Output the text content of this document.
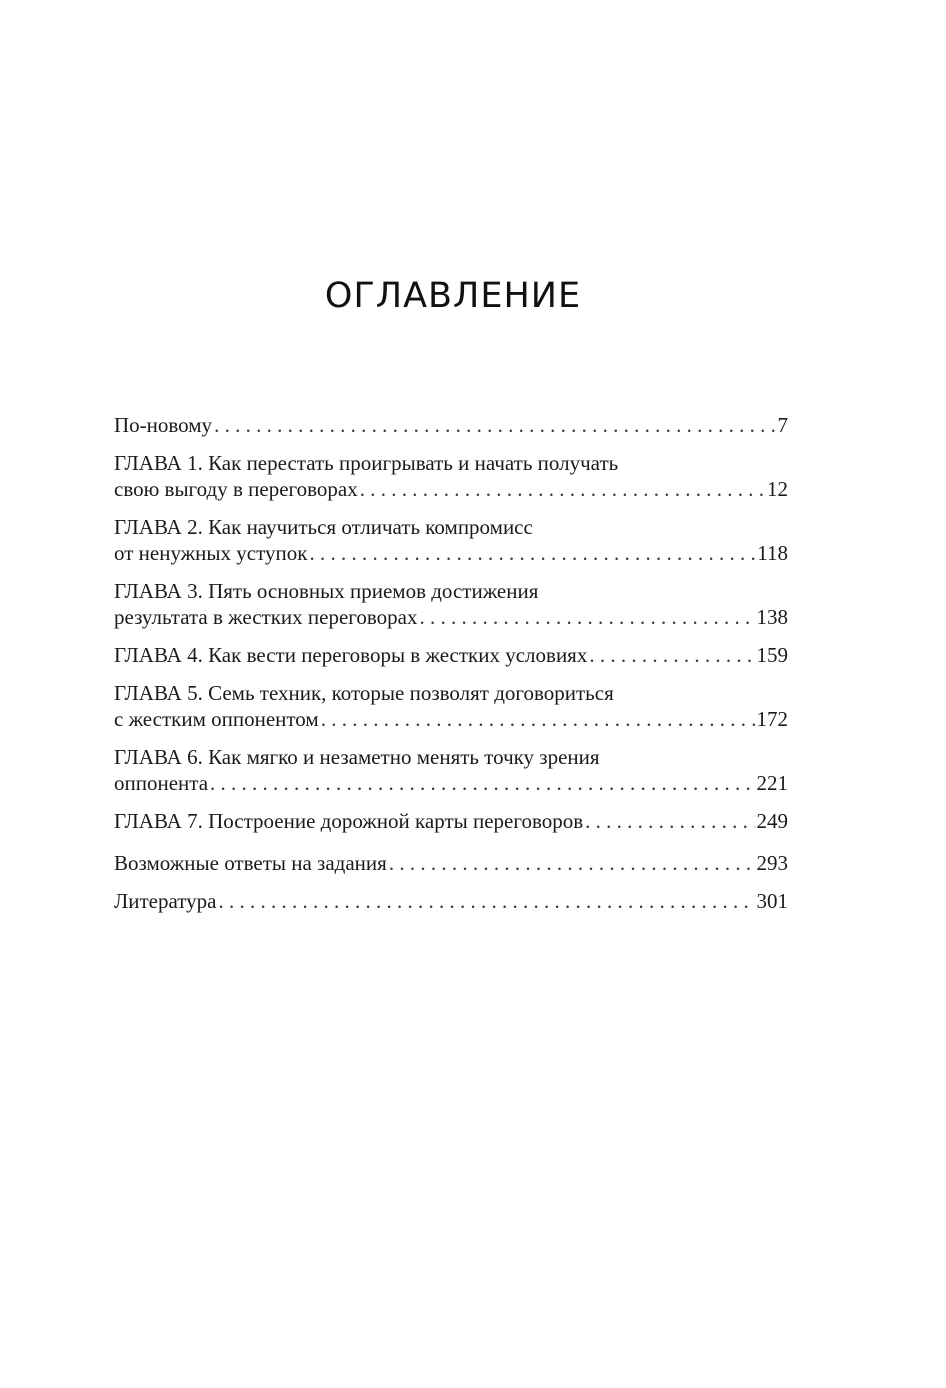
ОГЛАВЛЕНИЕ
По-новому . . .	7
ГЛАВА 1. Как перестать проигрывать и начать получать
свою выгоду в переговорах . . .	12
ГЛАВА 2. Как научиться отличать компромисс
от ненужных уступок . . .	118
ГЛАВА 3. Пять основных приемов достижения
результата в жестких переговорах . . .	138
ГЛАВА 4. Как вести переговоры в жестких условиях . . .	159
ГЛАВА 5. Семь техник, которые позволят договориться
с жестким оппонентом . . .	172
ГЛАВА 6. Как мягко и незаметно менять точку зрения
оппонента . . .	221
ГЛАВА 7. Построение дорожной карты переговоров . . .	249
Возможные ответы на задания . . .	293
Литература . . .	301
